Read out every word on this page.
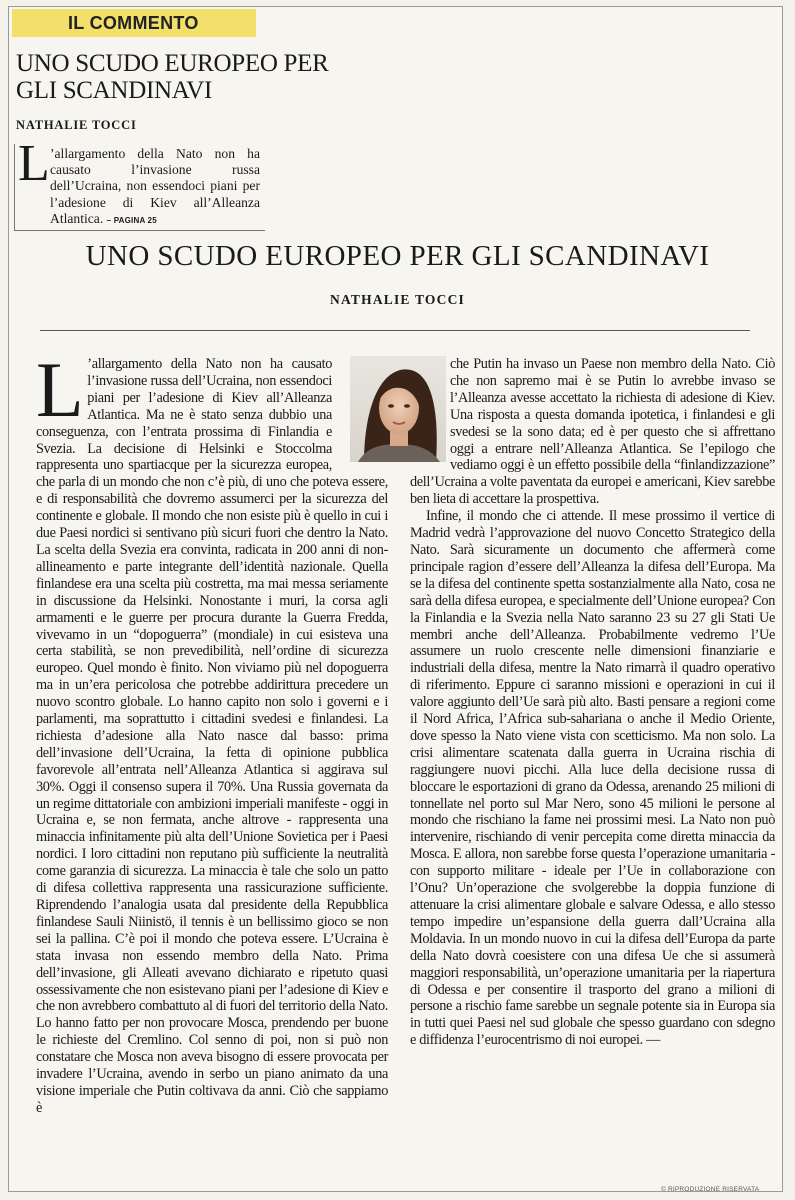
IL COMMENTO
UNO SCUDO EUROPEO PER GLI SCANDINAVI
NATHALIE TOCCI
L ’allargamento della Nato non ha causato l’invasione russa dell’Ucraina, non essendoci piani per l’adesione di Kiev all’Alleanza Atlantica. – PAGINA 25

UNO SCUDO EUROPEO PER GLI SCANDINAVI
NATHALIE TOCCI
L ’allargamento della Nato non ha causato l’invasione russa dell’Ucraina, non essendoci piani per l’adesione di Kiev all’Alleanza Atlantica. Ma ne è stato senza dubbio una conseguenza, con l’entrata prossima di Finlandia e Svezia. La decisione di Helsinki e Stoccolma rappresenta uno spartiacque per la sicurezza europea, che parla di un mondo che non c’è più, di uno che poteva essere, e di responsabilità che dovremo assumerci per la sicurezza del continente e globale. Il mondo che non esiste più è quello in cui i due Paesi nordici si sentivano più sicuri fuori che dentro la Nato. La scelta della Svezia era convinta, radicata in 200 anni di non-allineamento e parte integrante dell’identità nazionale. Quella finlandese era una scelta più costretta, ma mai messa seriamente in discussione da Helsinki. Nonostante i muri, la corsa agli armamenti e le guerre per procura durante la Guerra Fredda, vivevamo in un “dopoguerra” (mondiale) in cui esisteva una certa stabilità, se non prevedibilità, nell’ordine di sicurezza europeo. Quel mondo è finito. Non viviamo più nel dopoguerra ma in un’era pericolosa che potrebbe addirittura precedere un nuovo scontro globale. Lo hanno capito non solo i governi e i parlamenti, ma soprattutto i cittadini svedesi e finlandesi. La richiesta d’adesione alla Nato nasce dal basso: prima dell’invasione dell’Ucraina, la fetta di opinione pubblica favorevole all’entrata nell’Alleanza Atlantica si aggirava sul 30%. Oggi il consenso supera il 70%. Una Russia governata da un regime dittatoriale con ambizioni imperiali manifeste - oggi in Ucraina e, se non fermata, anche altrove - rappresenta una minaccia infinitamente più alta dell’Unione Sovietica per i Paesi nordici. I loro cittadini non reputano più sufficiente la neutralità come garanzia di sicurezza. La minaccia è tale che solo un patto di difesa collettiva rappresenta una rassicurazione sufficiente. Riprendendo l’analogia usata dal presidente della Repubblica finlandese Sauli Niinistö, il tennis è un bellissimo gioco se non sei la pallina. C’è poi il mondo che poteva essere. L’Ucraina è stata invasa non essendo membro della Nato. Prima dell’invasione, gli Alleati avevano dichiarato e ripetuto quasi ossessivamente che non esistevano piani per l’adesione di Kiev e che non avrebbero combattuto al di fuori del territorio della Nato. Lo hanno fatto per non provocare Mosca, prendendo per buone le richieste del Cremlino. Col senno di poi, non si può non constatare che Mosca non aveva bisogno di essere provocata per invadere l’Ucraina, avendo in serbo un piano animato da una visione imperiale che Putin coltivava da anni. Ciò che sappiamo è

che Putin ha invaso un Paese non membro della Nato. Ciò che non sapremo mai è se Putin lo avrebbe invaso se l’Alleanza avesse accettato la richiesta di adesione di Kiev. Una risposta a questa domanda ipotetica, i finlandesi e gli svedesi se la sono data; ed è per questo che si affrettano oggi a entrare nell’Alleanza Atlantica. Se l’epilogo che vediamo oggi è un effetto possibile della “finlandizzazione” dell’Ucraina a volte paventata da europei e americani, Kiev sarebbe ben lieta di accettare la prospettiva.

Infine, il mondo che ci attende. Il mese prossimo il vertice di Madrid vedrà l’approvazione del nuovo Concetto Strategico della Nato. Sarà sicuramente un documento che affermerà come principale ragion d’essere dell’Alleanza la difesa dell’Europa. Ma se la difesa del continente spetta sostanzialmente alla Nato, cosa ne sarà della difesa europea, e specialmente dell’Unione europea? Con la Finlandia e la Svezia nella Nato saranno 23 su 27 gli Stati Ue membri anche dell’Alleanza. Probabilmente vedremo l’Ue assumere un ruolo crescente nelle dimensioni finanziarie e industriali della difesa, mentre la Nato rimarrà il quadro operativo di riferimento. Eppure ci saranno missioni e operazioni in cui il valore aggiunto dell’Ue sarà più alto. Basti pensare a regioni come il Nord Africa, l’Africa sub-sahariana o anche il Medio Oriente, dove spesso la Nato viene vista con scetticismo. Ma non solo. La crisi alimentare scatenata dalla guerra in Ucraina rischia di raggiungere nuovi picchi. Alla luce della decisione russa di bloccare le esportazioni di grano da Odessa, arenando 25 milioni di tonnellate nel porto sul Mar Nero, sono 45 milioni le persone al mondo che rischiano la fame nei prossimi mesi. La Nato non può intervenire, rischiando di venir percepita come diretta minaccia da Mosca. E allora, non sarebbe forse questa l’operazione umanitaria - con supporto militare - ideale per l’Ue in collaborazione con l’Onu? Un’operazione che svolgerebbe la doppia funzione di attenuare la crisi alimentare globale e salvare Odessa, e allo stesso tempo impedire un’espansione della guerra dall’Ucraina alla Moldavia. In un mondo nuovo in cui la difesa dell’Europa da parte della Nato dovrà coesistere con una difesa Ue che si assumerà maggiori responsabilità, un’operazione umanitaria per la riapertura di Odessa e per consentire il trasporto del grano a milioni di persone a rischio fame sarebbe un segnale potente sia in Europa sia in tutti quei Paesi nel sud globale che spesso guardano con sdegno e diffidenza l’eurocentrismo di noi europei. —

© RIPRODUZIONE RISERVATA
